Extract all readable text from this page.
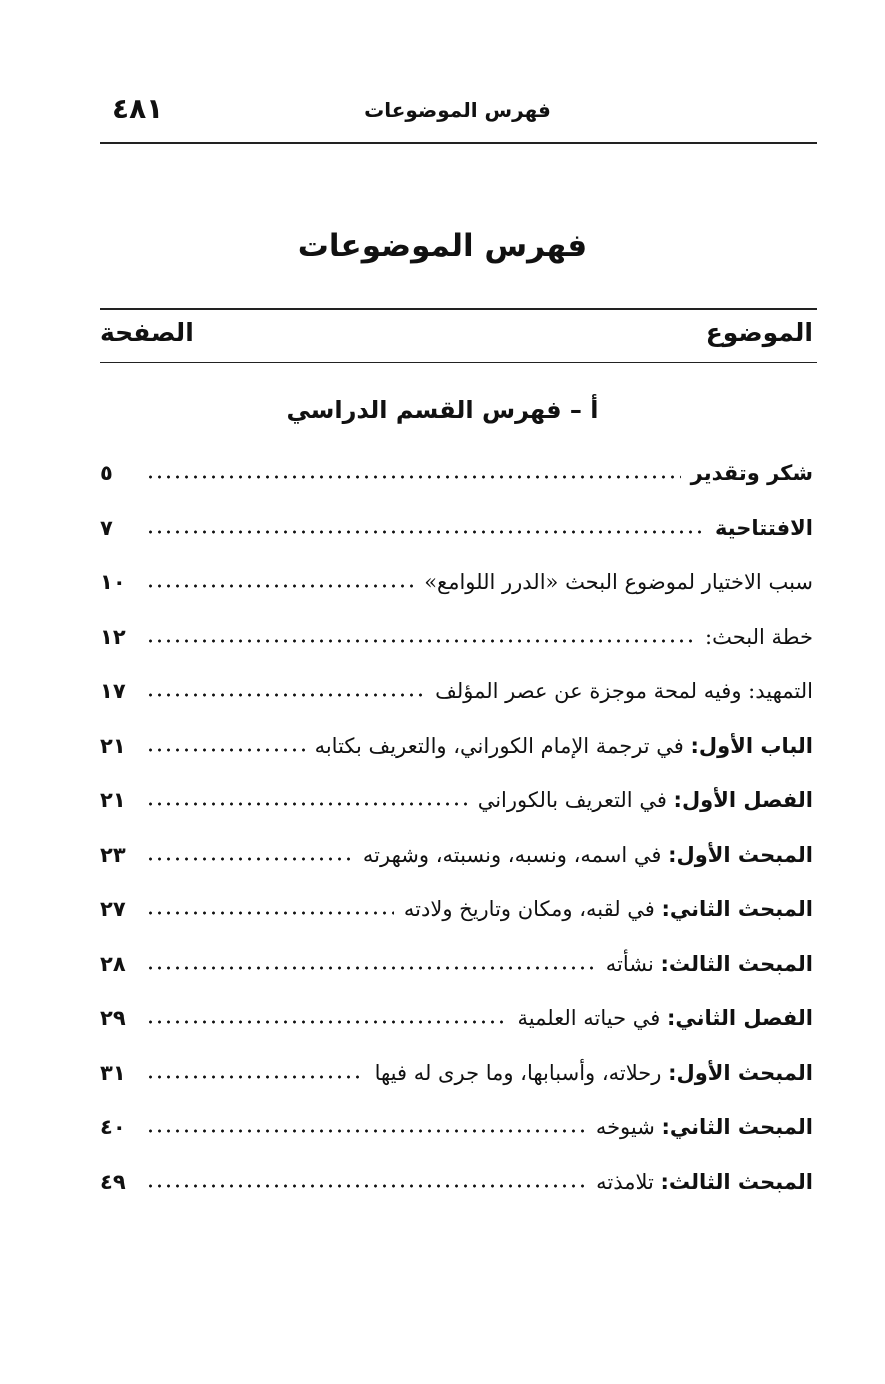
فهرس الموضوعات
٤٨١
فهرس الموضوعات
الموضوع
الصفحة
أ – فهرس القسم الدراسي
شكر وتقدير
٥
الافتتاحية
٧
سبب الاختيار لموضوع البحث «الدرر اللوامع»
١٠
خطة البحث:
١٢
التمهيد: وفيه لمحة موجزة عن عصر المؤلف
١٧
الباب الأول: في ترجمة الإمام الكوراني، والتعريف بكتابه
٢١
الفصل الأول: في التعريف بالكوراني
٢١
المبحث الأول: في اسمه، ونسبه، ونسبته، وشهرته
٢٣
المبحث الثاني: في لقبه، ومكان وتاريخ ولادته
٢٧
المبحث الثالث: نشأته
٢٨
الفصل الثاني: في حياته العلمية
٢٩
المبحث الأول: رحلاته، وأسبابها، وما جرى له فيها
٣١
المبحث الثاني: شيوخه
٤٠
المبحث الثالث: تلامذته
٤٩
